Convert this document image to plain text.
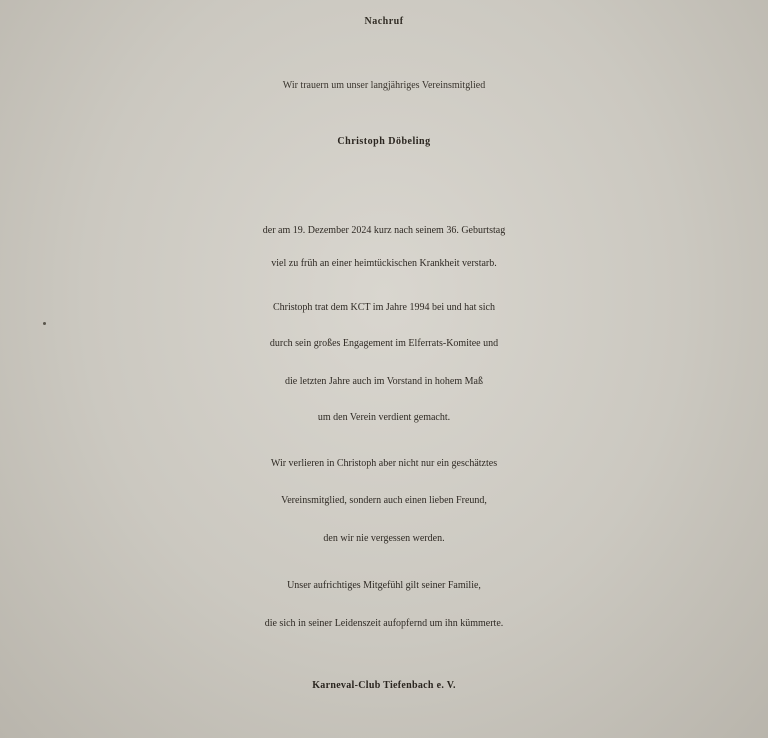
Nachruf
Wir trauern um unser langjähriges Vereinsmitglied
Christoph Döbeling
der am 19. Dezember 2024 kurz nach seinem 36. Geburtstag
viel zu früh an einer heimtückischen Krankheit verstarb.
Christoph trat dem KCT im Jahre 1994 bei und hat sich
durch sein großes Engagement im Elferrats-Komitee und
die letzten Jahre auch im Vorstand in hohem Maß
um den Verein verdient gemacht.
Wir verlieren in Christoph aber nicht nur ein geschätztes
Vereinsmitglied, sondern auch einen lieben Freund,
den wir nie vergessen werden.
Unser aufrichtiges Mitgefühl gilt seiner Familie,
die sich in seiner Leidenszeit aufopfernd um ihn kümmerte.
Karneval-Club Tiefenbach e. V.
